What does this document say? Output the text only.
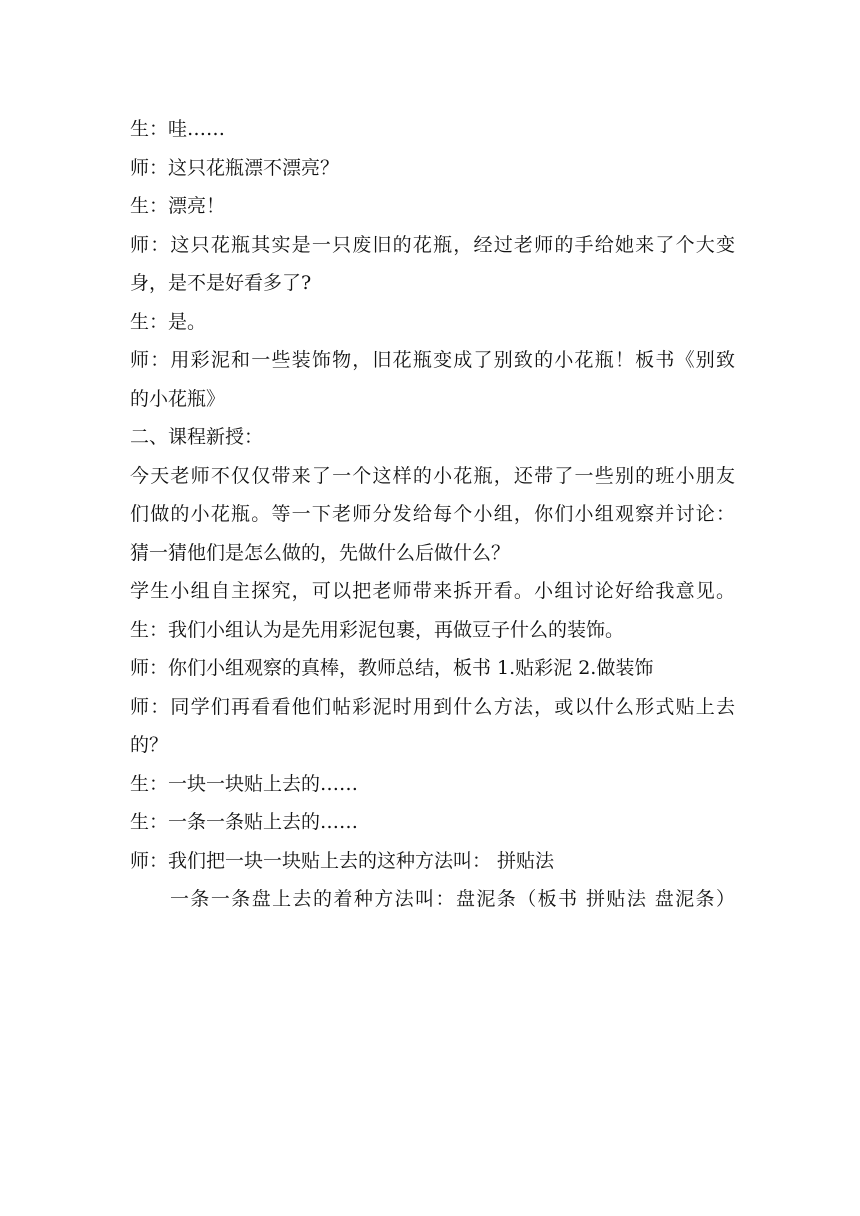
生：哇……
师：这只花瓶漂不漂亮？
生：漂亮！
师：这只花瓶其实是一只废旧的花瓶，经过老师的手给她来了个大变
身，是不是好看多了?
生：是。
师：用彩泥和一些装饰物，旧花瓶变成了别致的小花瓶！板书《别致
的小花瓶》
二、课程新授：
今天老师不仅仅带来了一个这样的小花瓶，还带了一些别的班小朋友
们做的小花瓶。等一下老师分发给每个小组，你们小组观察并讨论：
猜一猜他们是怎么做的，先做什么后做什么？
学生小组自主探究，可以把老师带来拆开看。小组讨论好给我意见。
生：我们小组认为是先用彩泥包裹，再做豆子什么的装饰。
师：你们小组观察的真棒，教师总结，板书 1.贴彩泥 2.做装饰
师：同学们再看看他们帖彩泥时用到什么方法，或以什么形式贴上去
的？
生：一块一块贴上去的……
生：一条一条贴上去的……
师：我们把一块一块贴上去的这种方法叫： 拼贴法
一条一条盘上去的着种方法叫：盘泥条（板书 拼贴法 盘泥条）
